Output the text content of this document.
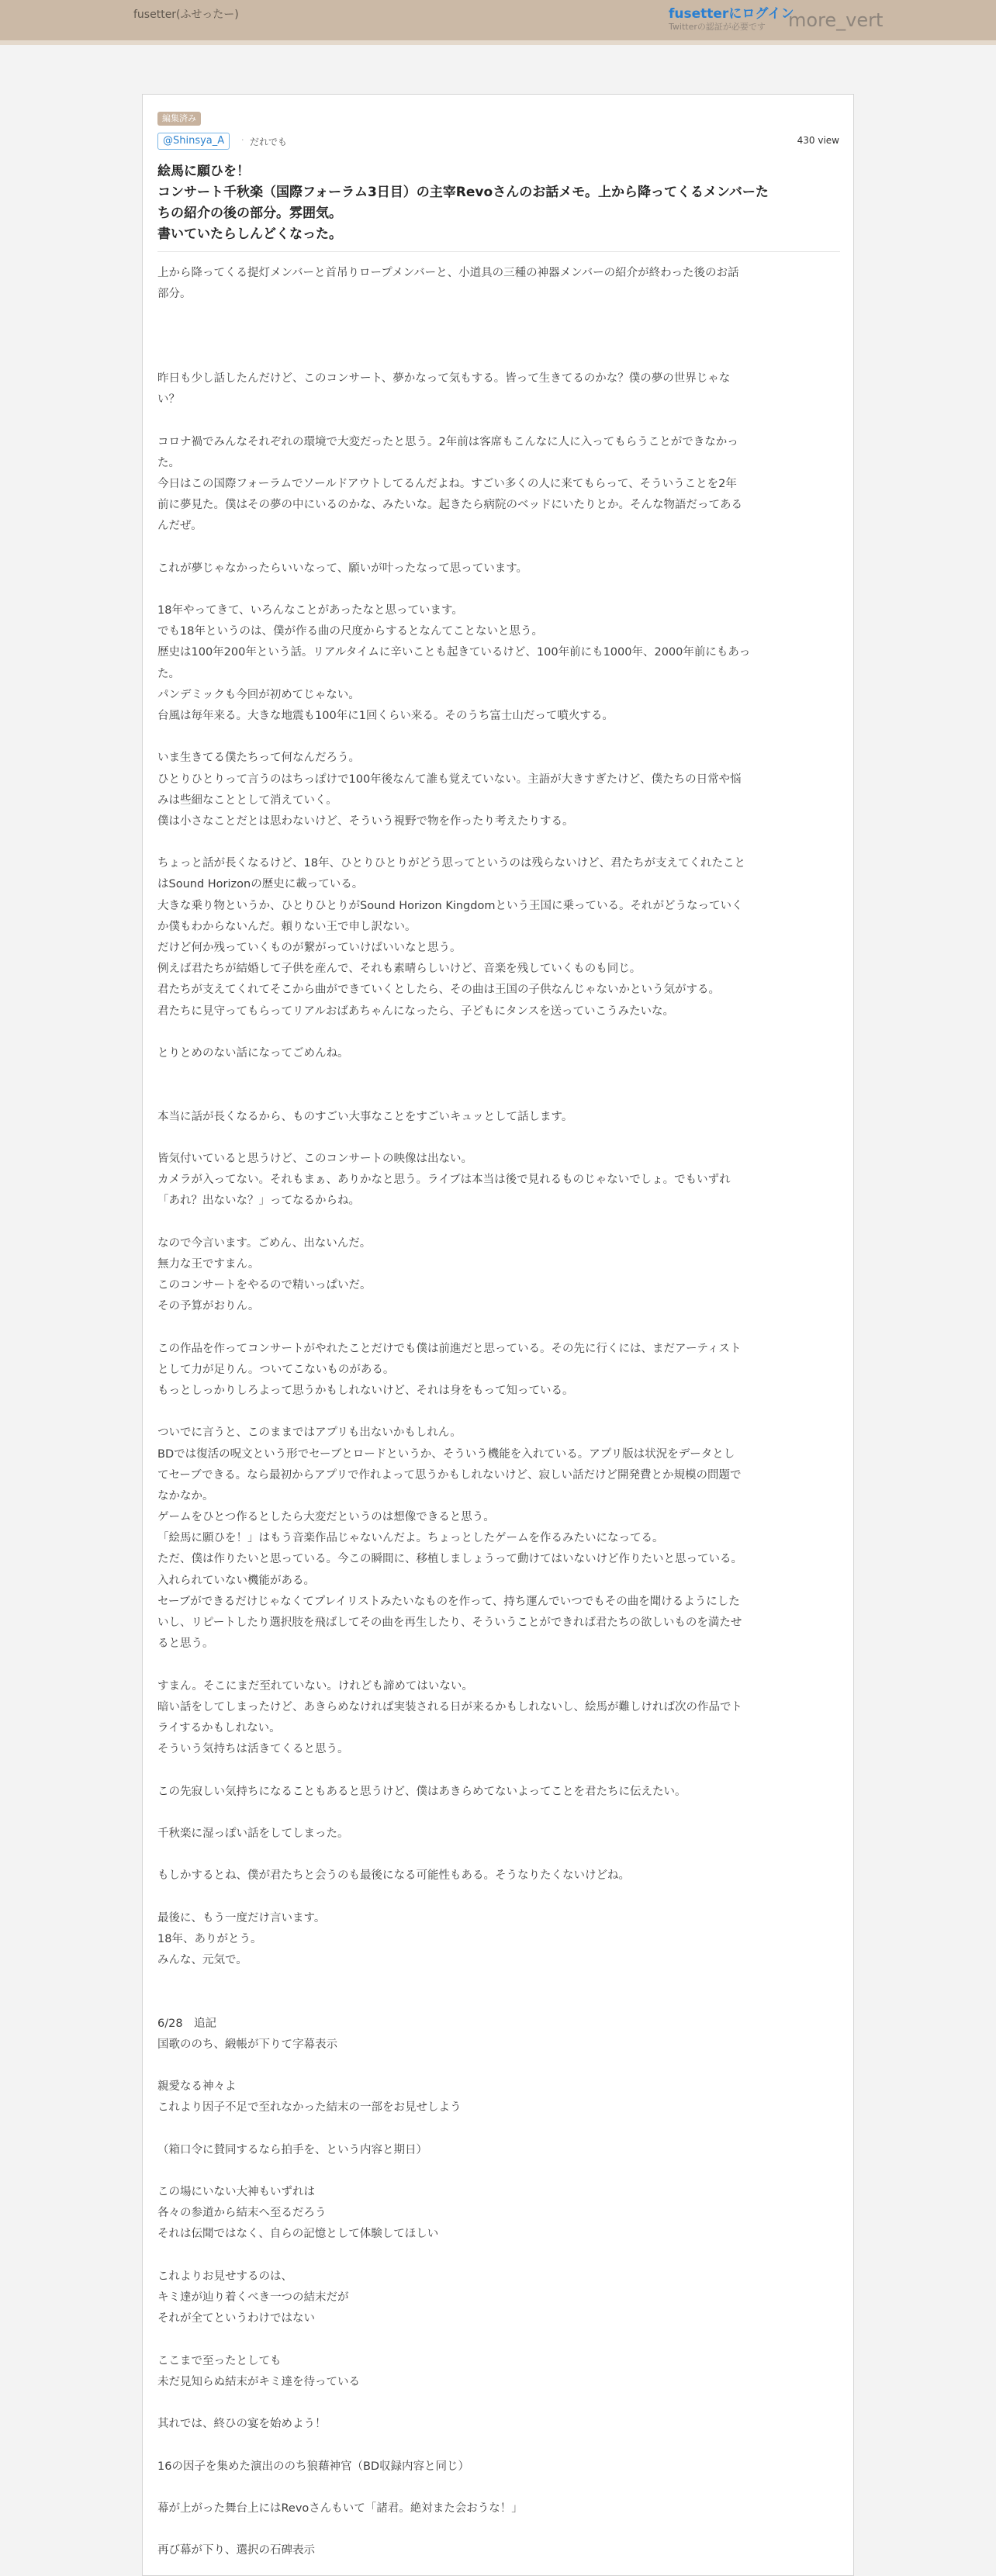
fusetter(ふせったー)	fusetterにログイン
Twitterの認証が必要です	more_vert
編集済み
@Shinsya_A	· だれでも	430 view
絵馬に願ひを！
コンサート千秋楽（国際フォーラム3日目）の主宰Revoさんのお話メモ。上から降ってくるメンバーた
ちの紹介の後の部分。雰囲気。
書いていたらしんどくなった。
上から降ってくる提灯メンバーと首吊りロープメンバーと、小道具の三種の神器メンバーの紹介が終わった後のお話
部分。
昨日も少し話したんだけど、このコンサート、夢かなって気もする。皆って生きてるのかな？僕の夢の世界じゃな
い？
コロナ禍でみんなそれぞれの環境で大変だったと思う。2年前は客席もこんなに人に入ってもらうことができなかっ
た。
今日はこの国際フォーラムでソールドアウトしてるんだよね。すごい多くの人に来てもらって、そういうことを2年
前に夢見た。僕はその夢の中にいるのかな、みたいな。起きたら病院のベッドにいたりとか。そんな物語だってある
んだぜ。
これが夢じゃなかったらいいなって、願いが叶ったなって思っています。
18年やってきて、いろんなことがあったなと思っています。
でも18年というのは、僕が作る曲の尺度からするとなんてことないと思う。
歴史は100年200年という話。リアルタイムに辛いことも起きているけど、100年前にも1000年、2000年前にもあっ
た。
パンデミックも今回が初めてじゃない。
台風は毎年来る。大きな地震も100年に1回くらい来る。そのうち富士山だって噴火する。
いま生きてる僕たちって何なんだろう。
ひとりひとりって言うのはちっぽけで100年後なんて誰も覚えていない。主語が大きすぎたけど、僕たちの日常や悩
みは些細なこととして消えていく。
僕は小さなことだとは思わないけど、そういう視野で物を作ったり考えたりする。
ちょっと話が長くなるけど、18年、ひとりひとりがどう思ってというのは残らないけど、君たちが支えてくれたこと
はSound Horizonの歴史に載っている。
大きな乗り物というか、ひとりひとりがSound Horizon Kingdomという王国に乗っている。それがどうなっていく
か僕もわからないんだ。頼りない王で申し訳ない。
だけど何か残っていくものが繋がっていけばいいなと思う。
例えば君たちが結婚して子供を産んで、それも素晴らしいけど、音楽を残していくものも同じ。
君たちが支えてくれてそこから曲ができていくとしたら、その曲は王国の子供なんじゃないかという気がする。
君たちに見守ってもらってリアルおばあちゃんになったら、子どもにタンスを送っていこうみたいな。
とりとめのない話になってごめんね。
本当に話が長くなるから、ものすごい大事なことをすごいキュッとして話します。
皆気付いていると思うけど、このコンサートの映像は出ない。
カメラが入ってない。それもまぁ、ありかなと思う。ライブは本当は後で見れるものじゃないでしょ。でもいずれ
「あれ？出ないな？」ってなるからね。
なので今言います。ごめん、出ないんだ。
無力な王ですまん。
このコンサートをやるので精いっぱいだ。
その予算がおりん。
この作品を作ってコンサートがやれたことだけでも僕は前進だと思っている。その先に行くには、まだアーティスト
として力が足りん。ついてこないものがある。
もっとしっかりしろよって思うかもしれないけど、それは身をもって知っている。
ついでに言うと、このままではアプリも出ないかもしれん。
BDでは復活の呪文という形でセーブとロードというか、そういう機能を入れている。アプリ版は状況をデータとし
てセーブできる。なら最初からアプリで作れよって思うかもしれないけど、寂しい話だけど開発費とか規模の問題で
なかなか。
ゲームをひとつ作るとしたら大変だというのは想像できると思う。
「絵馬に願ひを！」はもう音楽作品じゃないんだよ。ちょっとしたゲームを作るみたいになってる。
ただ、僕は作りたいと思っている。今この瞬間に、移植しましょうって動けてはいないけど作りたいと思っている。
入れられていない機能がある。
セーブができるだけじゃなくてプレイリストみたいなものを作って、持ち運んでいつでもその曲を聞けるようにした
いし、リピートしたり選択肢を飛ばしてその曲を再生したり、そういうことができれば君たちの欲しいものを満たせ
ると思う。
すまん。そこにまだ至れていない。けれども諦めてはいない。
暗い話をしてしまったけど、あきらめなければ実装される日が来るかもしれないし、絵馬が難しければ次の作品でト
ライするかもしれない。
そういう気持ちは活きてくると思う。
この先寂しい気持ちになることもあると思うけど、僕はあきらめてないよってことを君たちに伝えたい。
千秋楽に湿っぽい話をしてしまった。
もしかするとね、僕が君たちと会うのも最後になる可能性もある。そうなりたくないけどね。
最後に、もう一度だけ言います。
18年、ありがとう。
みんな、元気で。
6/28　追記
国歌ののち、緞帳が下りて字幕表示
親愛なる神々よ
これより因子不足で至れなかった結末の一部をお見せしよう
（箱口令に賛同するなら拍手を、という内容と期日）
この場にいない大神もいずれは
各々の参道から結末へ至るだろう
それは伝聞ではなく、自らの記憶として体験してほしい
これよりお見せするのは、
キミ達が辿り着くべき一つの結末だが
それが全てというわけではない
ここまで至ったとしても
未だ見知らぬ結末がキミ達を待っている
其れでは、終ひの宴を始めよう！
16の因子を集めた演出ののち狼藉神官（BD収録内容と同じ）
幕が上がった舞台上にはRevoさんもいて「諸君。絶対また会おうな！」
再び幕が下り、選択の石碑表示
